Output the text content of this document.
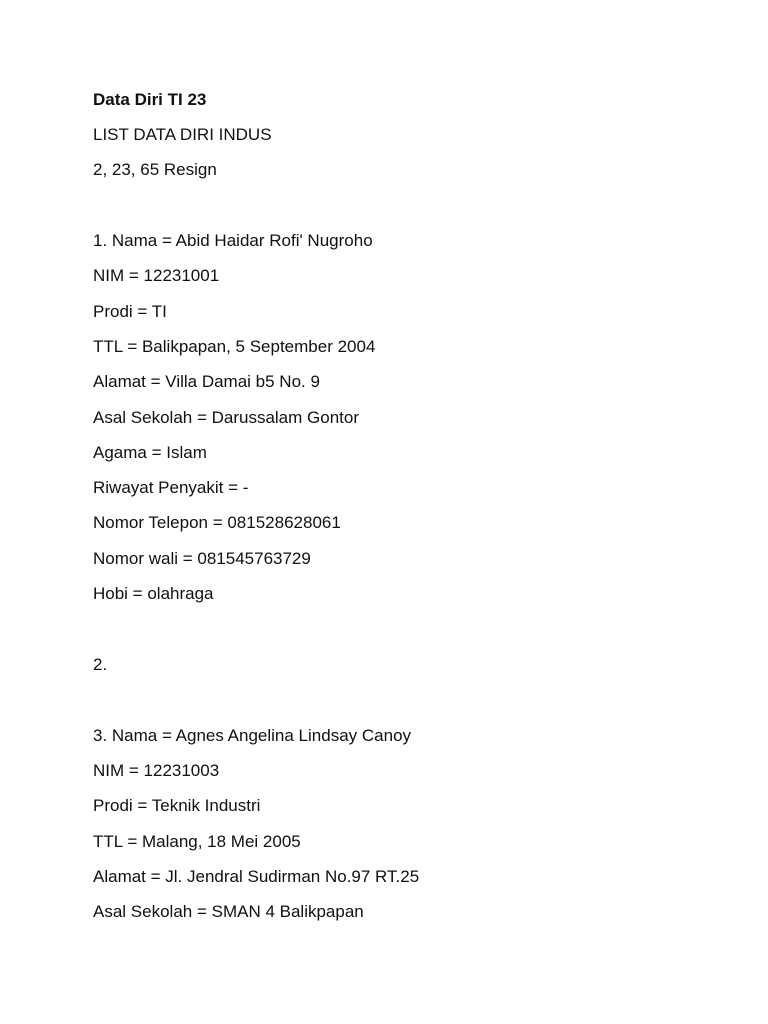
Data Diri TI 23
LIST DATA DIRI INDUS
2, 23, 65 Resign
1. Nama = Abid Haidar Rofi' Nugroho
NIM = 12231001
Prodi = TI
TTL = Balikpapan, 5 September 2004
Alamat = Villa Damai b5 No. 9
Asal Sekolah = Darussalam Gontor
Agama = Islam
Riwayat Penyakit = -
Nomor Telepon = 081528628061
Nomor wali = 081545763729
Hobi = olahraga
2.
3. Nama = Agnes Angelina Lindsay Canoy
NIM = 12231003
Prodi = Teknik Industri
TTL = Malang, 18 Mei 2005
Alamat = Jl. Jendral Sudirman No.97 RT.25
Asal Sekolah = SMAN 4 Balikpapan
